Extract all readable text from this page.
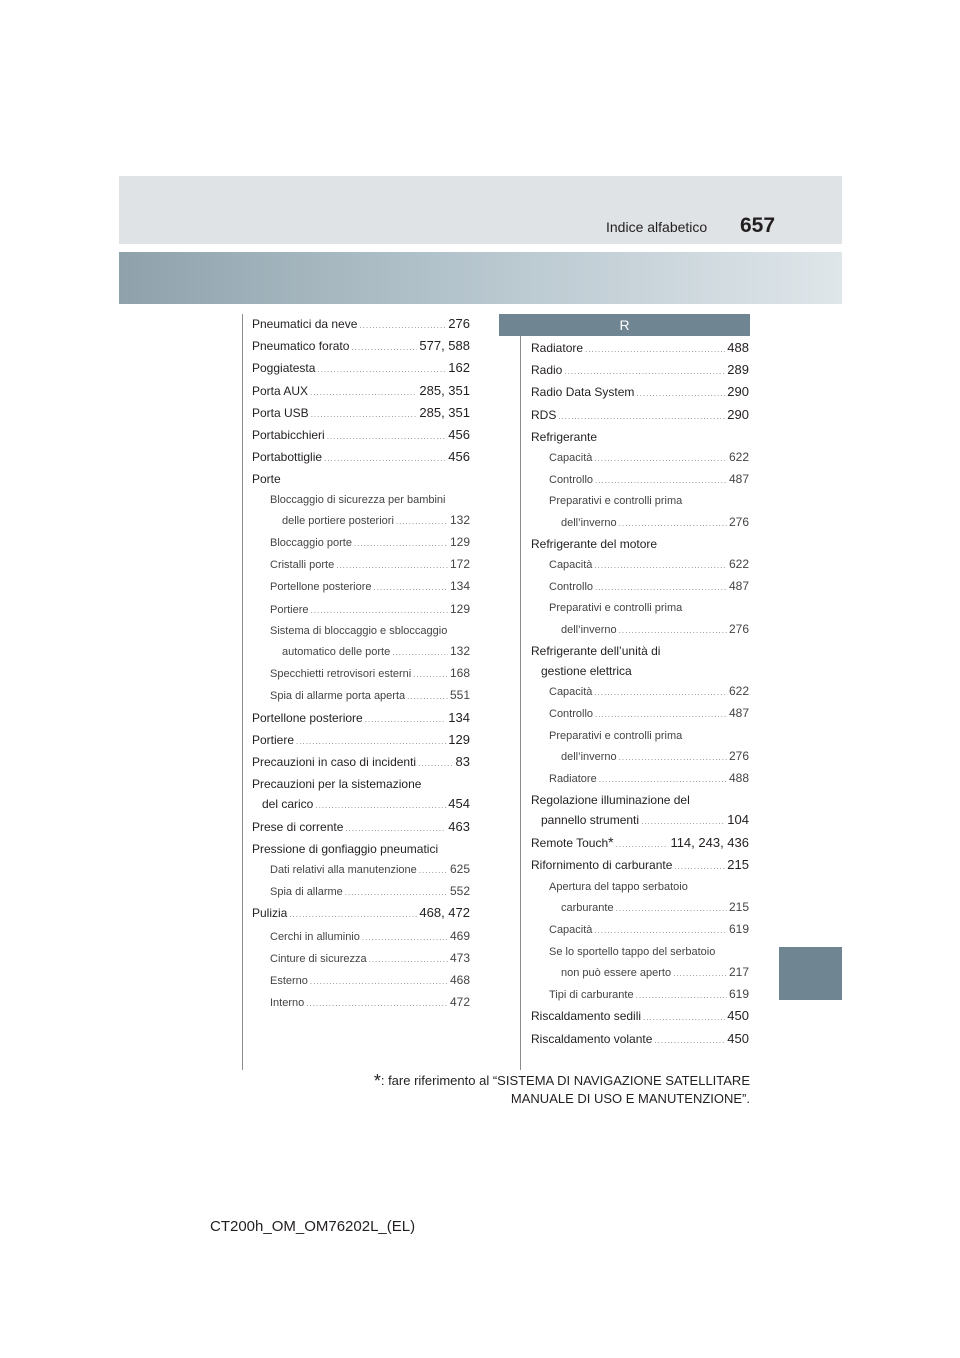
Indice alfabetico 657
Pneumatici da neve .....	276
Pneumatico forato .....	577, 588
Poggiatesta .....	162
Porta AUX .....	285, 351
Porta USB .....	285, 351
Portabicchieri .....	456
Portabottiglie .....	456
Porte
Bloccaggio di sicurezza per bambini
delle portiere posteriori .....	132
Bloccaggio porte .....	129
Cristalli porte .....	172
Portellone posteriore .....	134
Portiere .....	129
Sistema di bloccaggio e sbloccaggio
automatico delle porte .....	132
Specchietti retrovisori esterni .....	168
Spia di allarme porta aperta .....	551
Portellone posteriore .....	134
Portiere .....	129
Precauzioni in caso di incidenti .....	83
Precauzioni per la sistemazione
del carico .....	454
Prese di corrente .....	463
Pressione di gonfiaggio pneumatici
Dati relativi alla manutenzione .....	625
Spia di allarme .....	552
Pulizia .....	468, 472
Cerchi in alluminio .....	469
Cinture di sicurezza .....	473
Esterno .....	468
Interno .....	472
R
Radiatore .....	488
Radio .....	289
Radio Data System .....	290
RDS .....	290
Refrigerante
Capacità .....	622
Controllo .....	487
Preparativi e controlli prima
dell’inverno .....	276
Refrigerante del motore
Capacità .....	622
Controllo .....	487
Preparativi e controlli prima
dell’inverno .....	276
Refrigerante dell’unità di
gestione elettrica
Capacità .....	622
Controllo .....	487
Preparativi e controlli prima
dell’inverno .....	276
Radiatore .....	488
Regolazione illuminazione del
pannello strumenti .....	104
Remote Touch * .....	114, 243, 436
Rifornimento di carburante .....	215
Apertura del tappo serbatoio
carburante .....	215
Capacità .....	619
Se lo sportello tappo del serbatoio
non può essere aperto .....	217
Tipi di carburante .....	619
Riscaldamento sedili .....	450
Riscaldamento volante .....	450
*: fare riferimento al “SISTEMA DI NAVIGAZIONE SATELLITARE
MANUALE DI USO E MANUTENZIONE”.
CT200h_OM_OM76202L_(EL)
